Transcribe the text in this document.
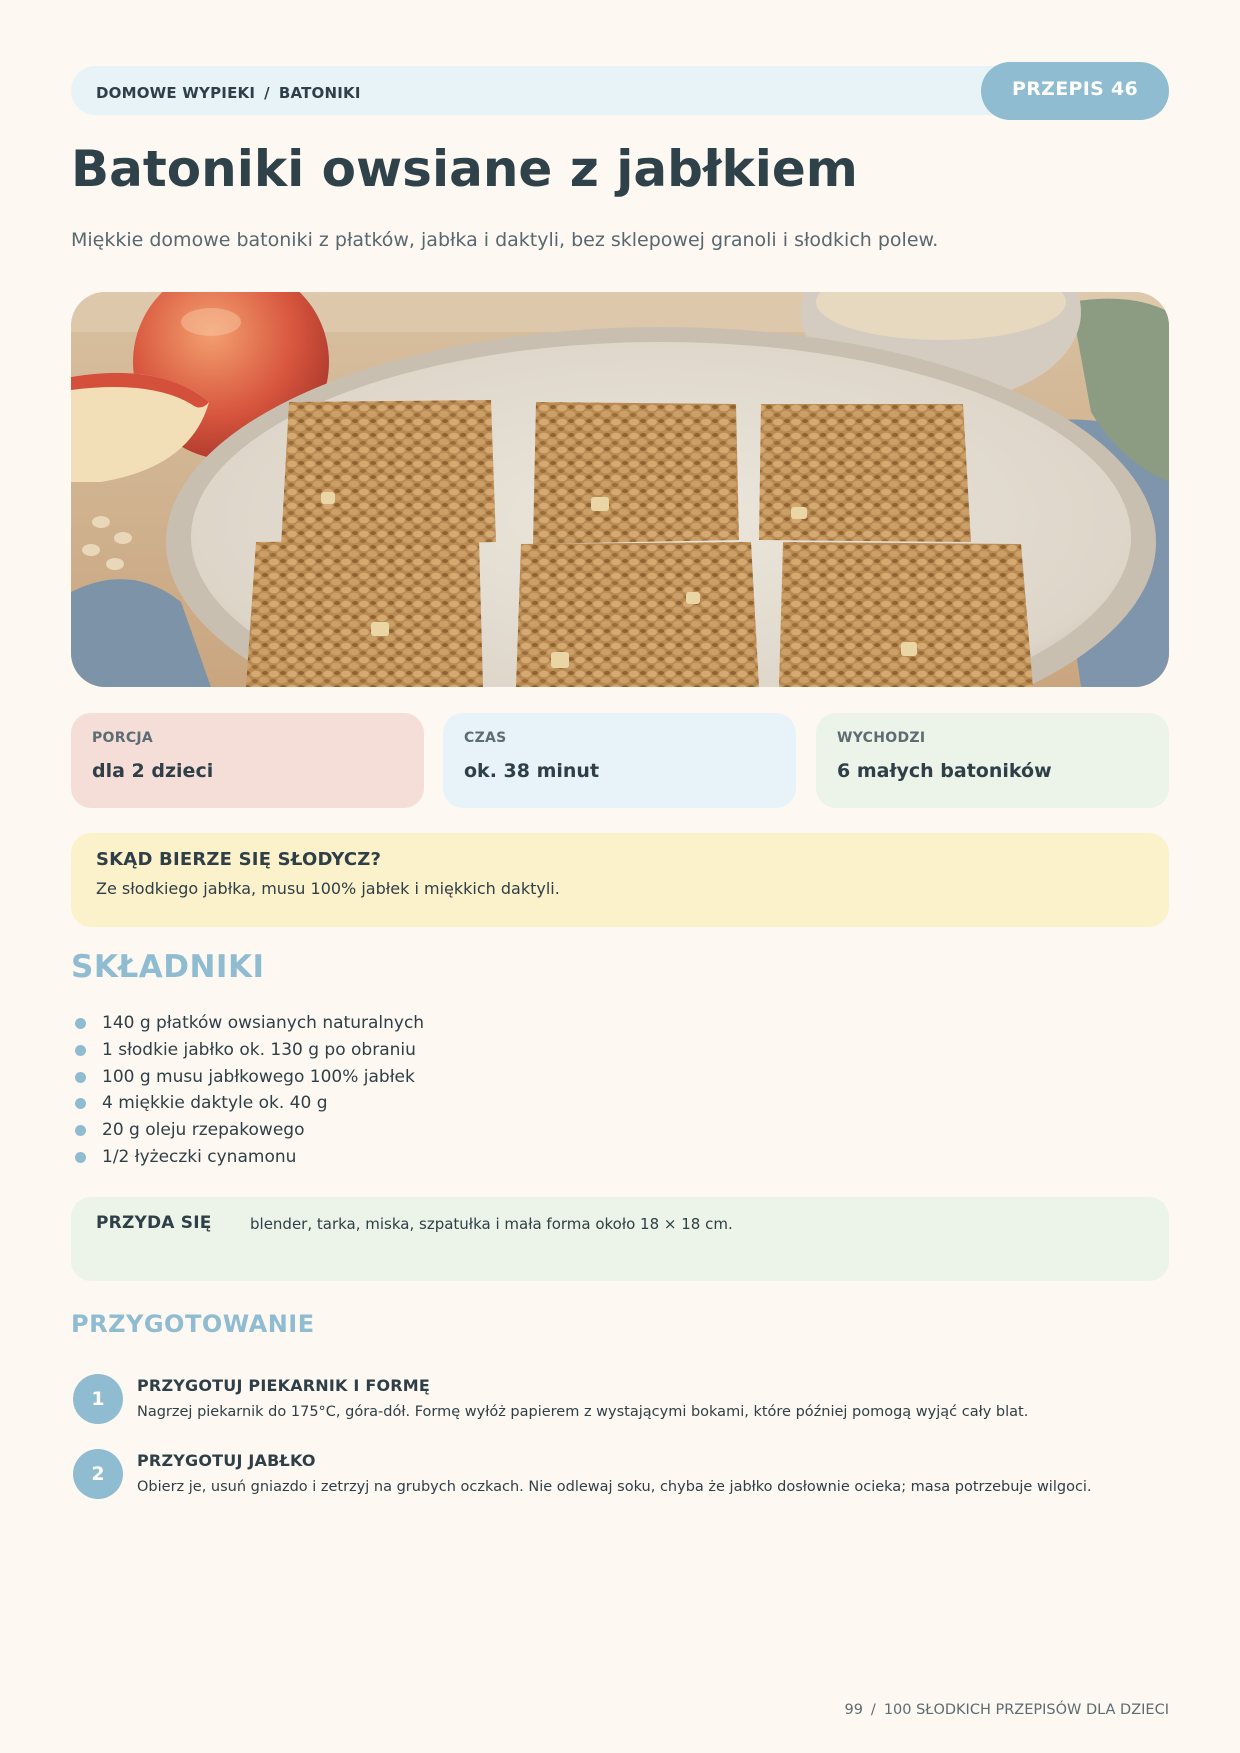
DOMOWE WYPIEKI / BATONIKI	PRZEPIS 46
Batoniki owsiane z jabłkiem

Miękkie domowe batoniki z płatków, jabłka i daktyli, bez sklepowej granoli i słodkich polew.

PORCJA
dla 2 dzieci
CZAS
ok. 38 minut
WYCHODZI
6 małych batoników
SKĄD BIERZE SIĘ SŁODYCZ?
Ze słodkiego jabłka, musu 100% jabłek i miękkich daktyli.
SKŁADNIKI
140 g płatków owsianych naturalnych
1 słodkie jabłko ok. 130 g po obraniu
100 g musu jabłkowego 100% jabłek
4 miękkie daktyle ok. 40 g
20 g oleju rzepakowego
1/2 łyżeczki cynamonu
PRZYDA SIĘ	blender, tarka, miska, szpatułka i mała forma około 18 × 18 cm.
PRZYGOTOWANIE
1
PRZYGOTUJ PIEKARNIK I FORMĘ
Nagrzej piekarnik do 175°C, góra-dół. Formę wyłóż papierem z wystającymi bokami, które później pomogą wyjąć cały blat.
2
PRZYGOTUJ JABŁKO
Obierz je, usuń gniazdo i zetrzyj na grubych oczkach. Nie odlewaj soku, chyba że jabłko dosłownie ocieka; masa potrzebuje wilgoci.
99 / 100 SŁODKICH PRZEPISÓW DLA DZIECI
